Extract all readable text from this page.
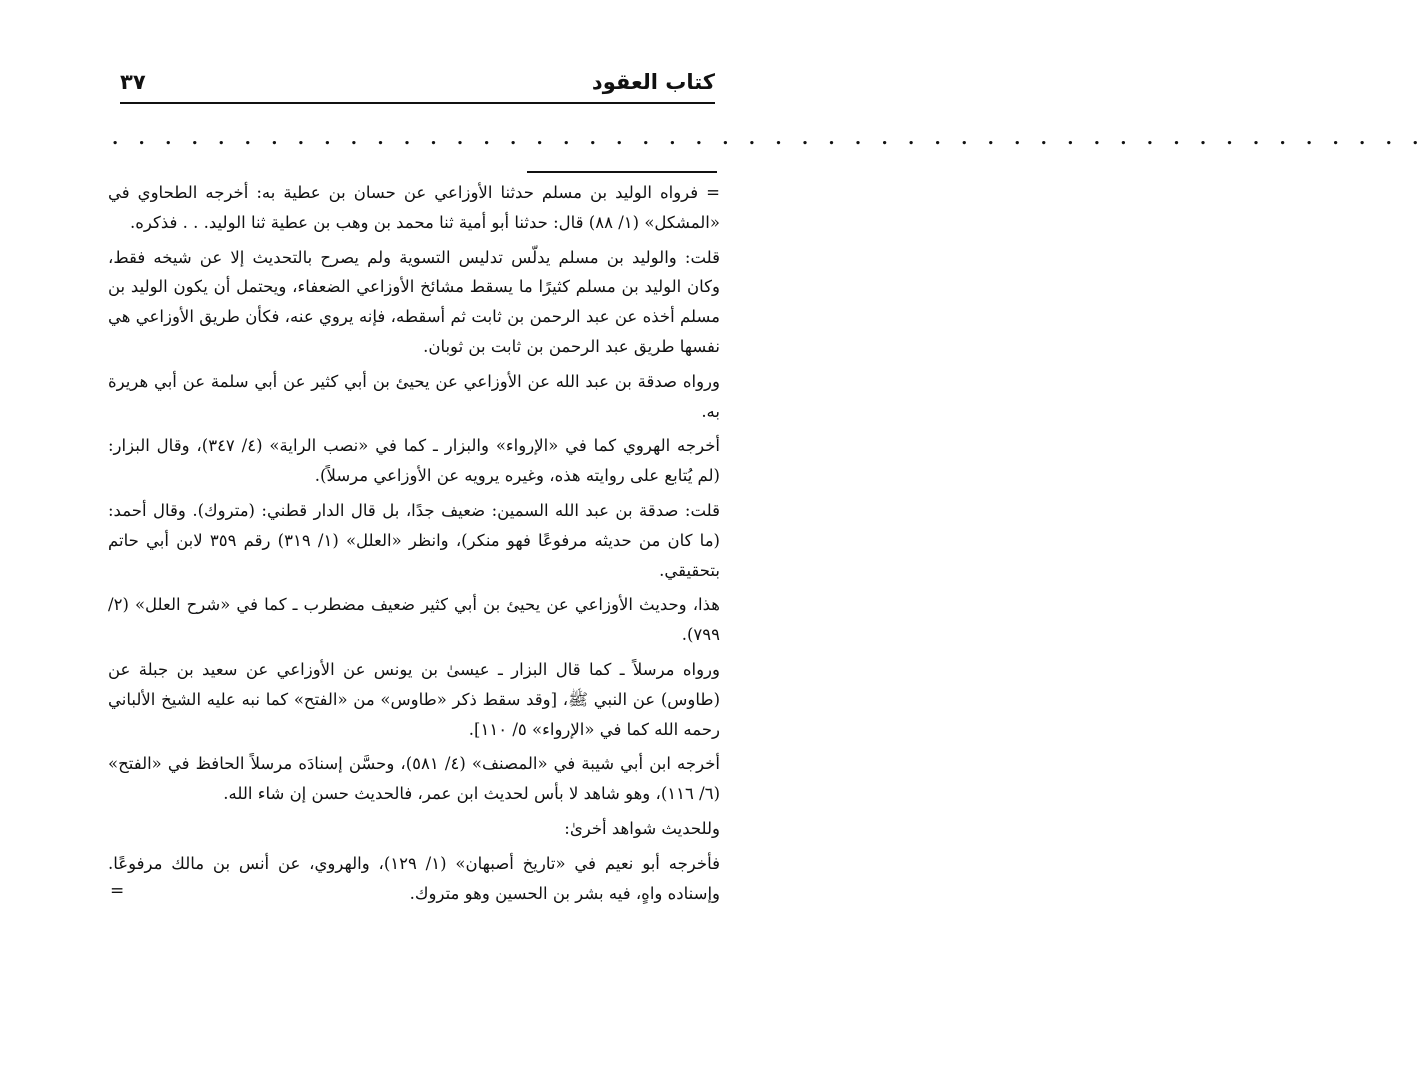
كتاب العقود
٣٧
. . . . . . . . . . . . . . . . . . . . . . . . . . . . . . . . . . . . . . . . . . . . . . . . . .

= فرواه الوليد بن مسلم حدثنا الأوزاعي عن حسان بن عطية به: أخرجه الطحاوي في «المشكل» (١/ ٨٨) قال: حدثنا أبو أمية ثنا محمد بن وهب بن عطية ثنا الوليد. . . فذكره.

قلت: والوليد بن مسلم يدلّس تدليس التسوية ولم يصرح بالتحديث إلا عن شيخه فقط، وكان الوليد بن مسلم كثيرًا ما يسقط مشائخ الأوزاعي الضعفاء، ويحتمل أن يكون الوليد بن مسلم أخذه عن عبد الرحمن بن ثابت ثم أسقطه، فإنه يروي عنه، فكأن طريق الأوزاعي هي نفسها طريق عبد الرحمن بن ثابت بن ثوبان.

ورواه صدقة بن عبد الله عن الأوزاعي عن يحيئ بن أبي كثير عن أبي سلمة عن أبي هريرة به.

أخرجه الهروي كما في «الإرواء» والبزار ـ كما في «نصب الراية» (٤/ ٣٤٧)، وقال البزار: (لم يُتابع على روايته هذه، وغيره يرويه عن الأوزاعي مرسلاً).

قلت: صدقة بن عبد الله السمين: ضعيف جدًا، بل قال الدار قطني: (متروك). وقال أحمد: (ما كان من حديثه مرفوعًا فهو منكر)، وانظر «العلل» (١/ ٣١٩) رقم ٣٥٩ لابن أبي حاتم بتحقيقي.

هذا، وحديث الأوزاعي عن يحيئ بن أبي كثير ضعيف مضطرب ـ كما في «شرح العلل» (٢/ ٧٩٩).

ورواه مرسلاً ـ كما قال البزار ـ عيسىٰ بن يونس عن الأوزاعي عن سعيد بن جبلة عن (طاوس) عن النبي ﷺ، [وقد سقط ذكر «طاوس» من «الفتح» كما نبه عليه الشيخ الألباني رحمه الله كما في «الإرواء» ٥/ ١١٠].

أخرجه ابن أبي شيبة في «المصنف» (٤/ ٥٨١)، وحسَّن إسنادَه مرسلاً الحافظ في «الفتح» (٦/ ١١٦)، وهو شاهد لا بأس لحديث ابن عمر، فالحديث حسن إن شاء الله.

وللحديث شواهد أخرىٰ:

فأخرجه أبو نعيم في «تاريخ أصبهان» (١/ ١٢٩)، والهروي، عن أنس بن مالك مرفوعًا. وإسناده واهٍ، فيه بشر بن الحسين وهو متروك.

=
